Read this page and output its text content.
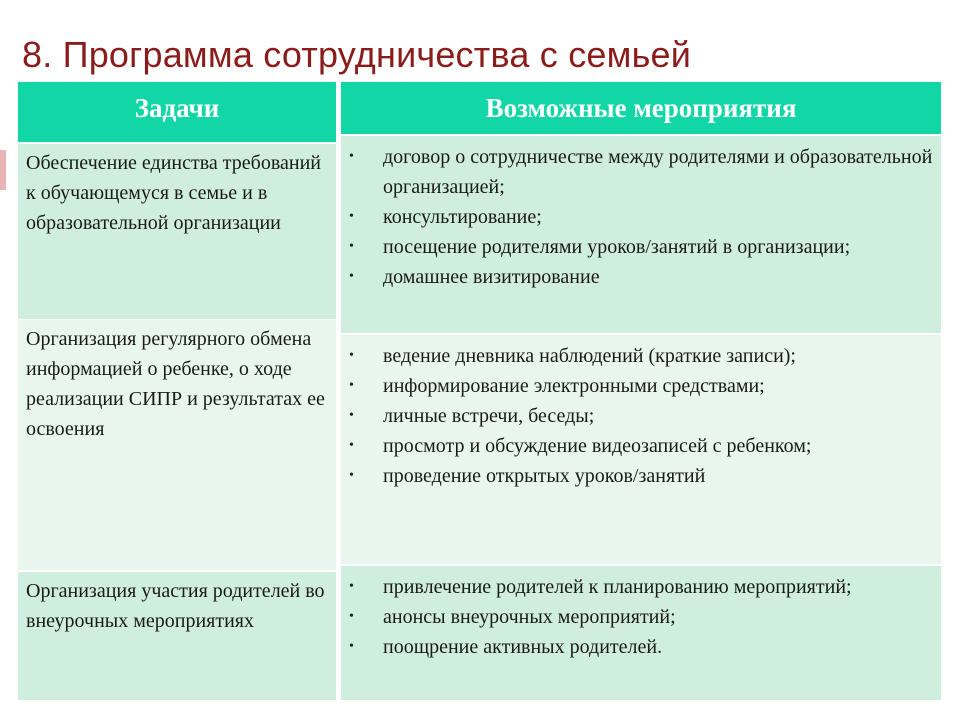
8. Программа сотрудничества с семьей
Задачи	Возможные мероприятия
Обеспечение единства требований к обучающемуся в семье и в образовательной организации
• договор о сотрудничестве между родителями и образовательной организацией;
• консультирование;
• посещение родителями уроков/занятий в организации;
• домашнее визитирование
Организация регулярного обмена информацией о ребенке, о ходе реализации СИПР и результатах ее освоения
• ведение дневника наблюдений (краткие записи);
• информирование электронными средствами;
• личные встречи, беседы;
• просмотр и обсуждение видеозаписей с ребенком;
• проведение открытых уроков/занятий
Организация участия родителей во внеурочных мероприятиях
• привлечение родителей к планированию мероприятий;
• анонсы внеурочных мероприятий;
• поощрение активных родителей.
